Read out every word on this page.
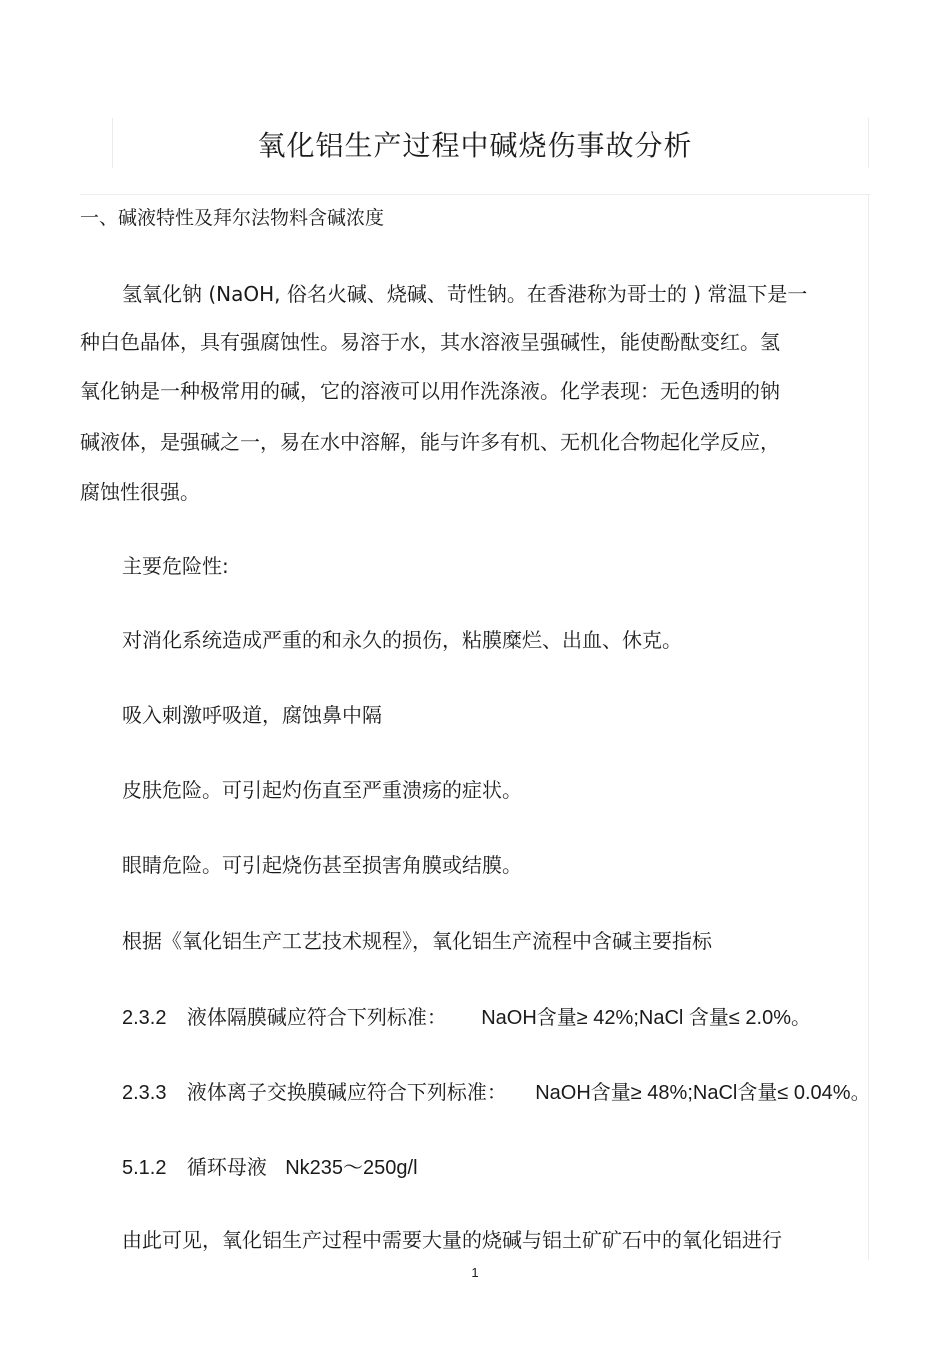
氧化铝生产过程中碱烧伤事故分析
一、碱液特性及拜尔法物料含碱浓度
氢氧化钠 (NaOH, 俗名火碱、烧碱、苛性钠。在香港称为哥士的 ) 常温下是一
种白色晶体，具有强腐蚀性。易溶于水，其水溶液呈强碱性，能使酚酞变红。氢
氧化钠是一种极常用的碱，它的溶液可以用作洗涤液。化学表现：无色透明的钠
碱液体，是强碱之一，易在水中溶解，能与许多有机、无机化合物起化学反应，
腐蚀性很强。
主要危险性:
对消化系统造成严重的和永久的损伤，粘膜糜烂、出血、休克。
吸入刺激呼吸道，腐蚀鼻中隔
皮肤危险。可引起灼伤直至严重溃疡的症状。
眼睛危险。可引起烧伤甚至损害角膜或结膜。
根据《氧化铝生产工艺技术规程》，氧化铝生产流程中含碱主要指标
2.3.2 液体隔膜碱应符合下列标准： NaOH含量≥ 42%;NaCl 含量≤ 2.0%。
2.3.3 液体离子交换膜碱应符合下列标准： NaOH含量≥ 48%;NaCl含量≤ 0.04%。
5.1.2 循环母液 Nk235～250g/l
由此可见，氧化铝生产过程中需要大量的烧碱与铝土矿矿石中的氧化铝进行
1
